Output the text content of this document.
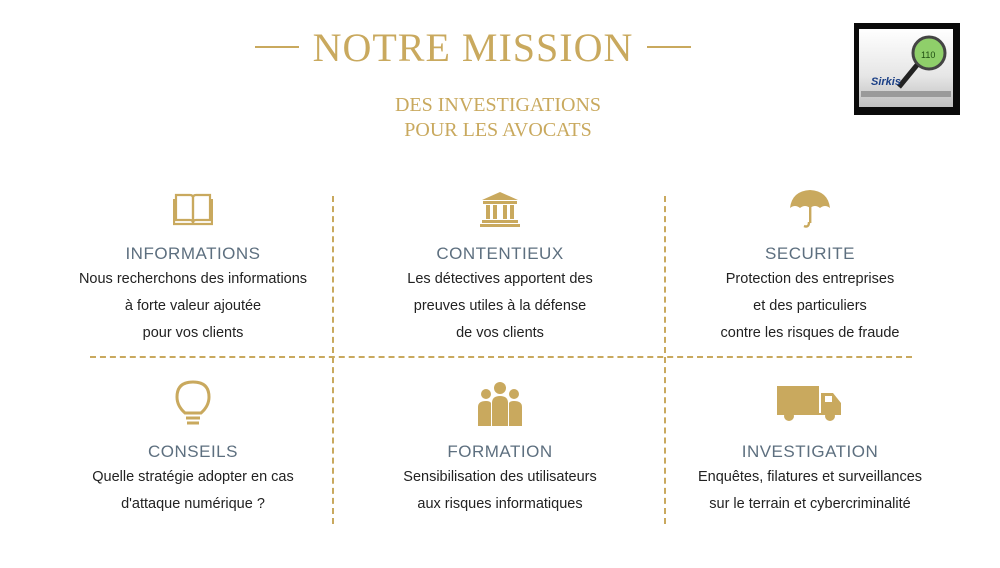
NOTRE MISSION
DES INVESTIGATIONS
POUR LES AVOCATS
110
Sirkis
INFORMATIONS
Nous recherchons des informations
à forte valeur ajoutée
pour vos clients
CONTENTIEUX
Les détectives apportent des
preuves utiles à la défense
de vos clients
SECURITE
Protection des entreprises
et des particuliers
contre les risques de fraude
CONSEILS
Quelle stratégie adopter en cas
d'attaque numérique ?
FORMATION
Sensibilisation des utilisateurs
aux risques informatiques
INVESTIGATION
Enquêtes, filatures et surveillances
sur le terrain et cybercriminalité
